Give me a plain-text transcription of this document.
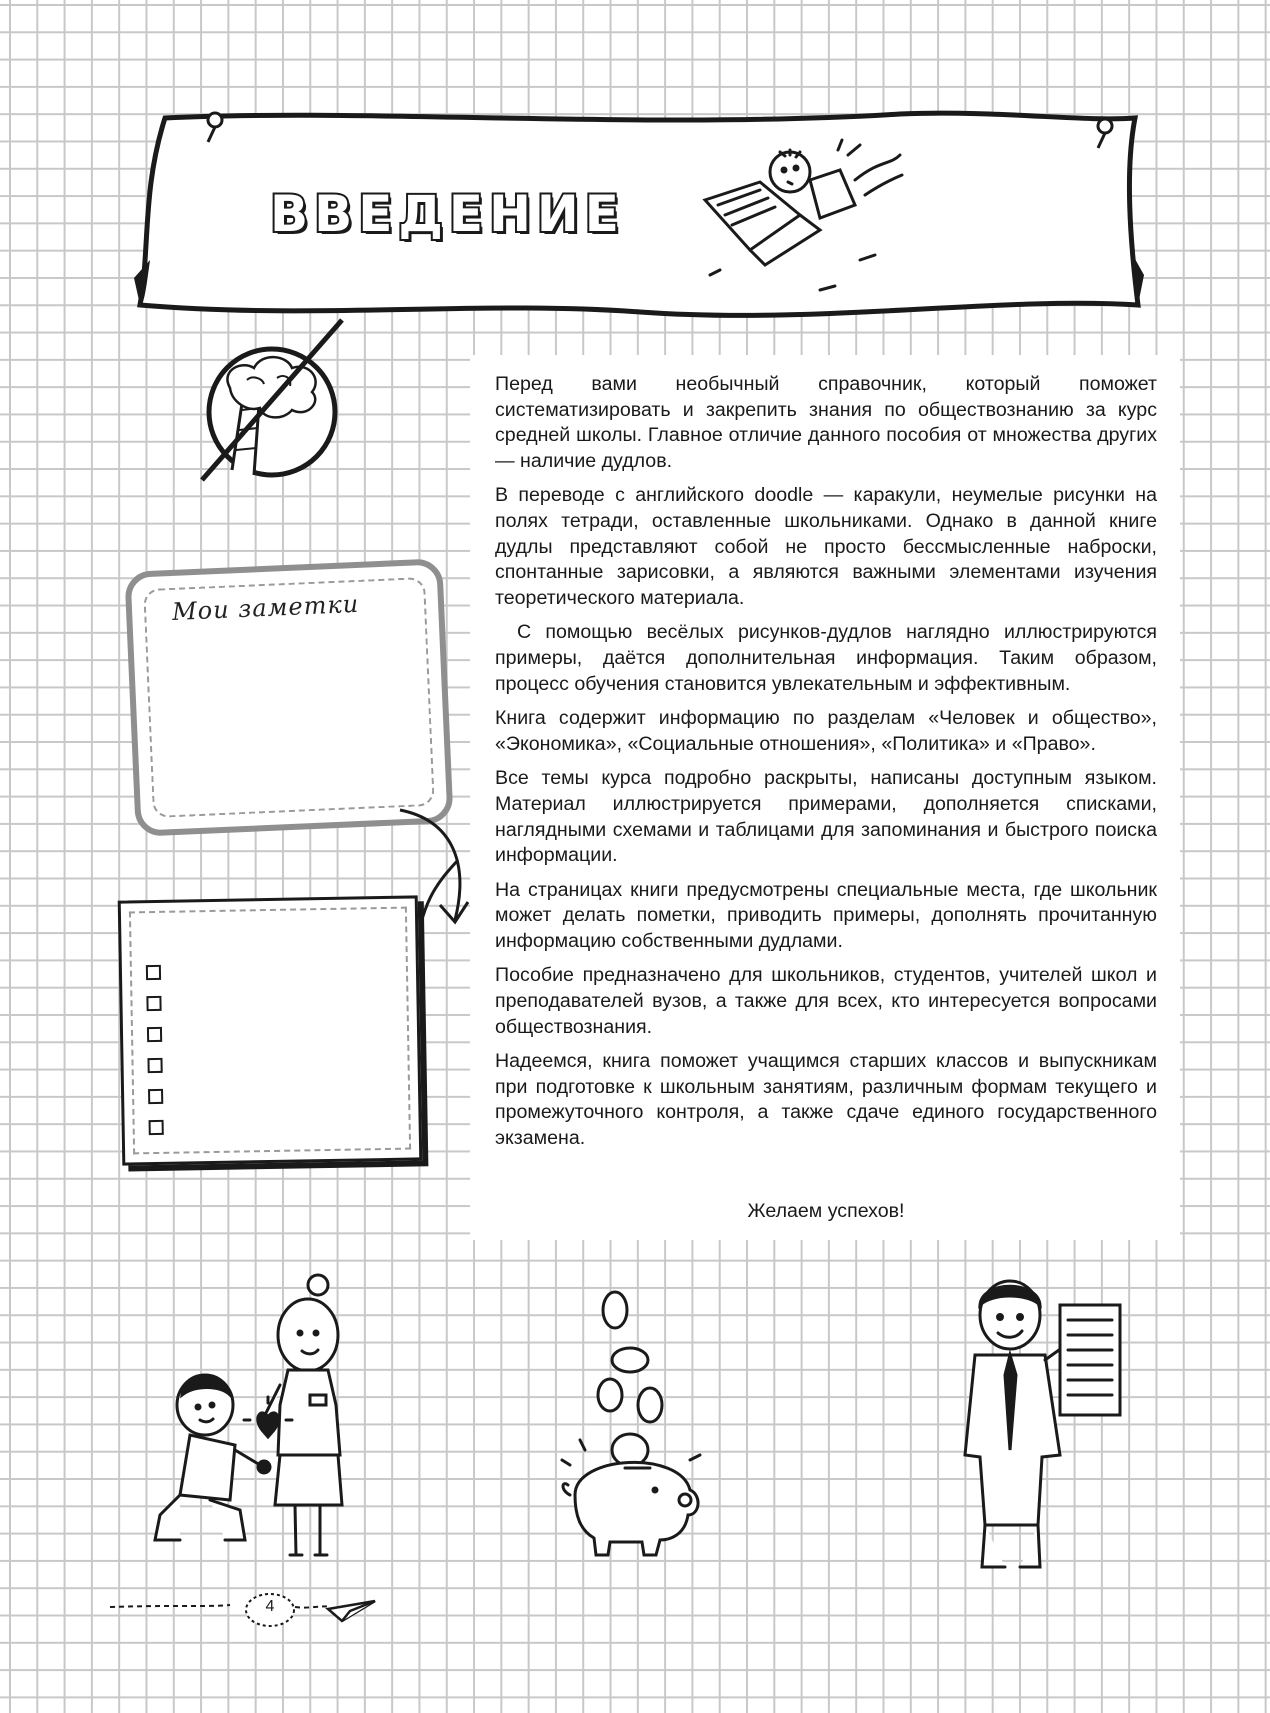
ВВЕДЕНИЕ
Мои заметки

Перед вами необычный справочник, который поможет систематизировать и закрепить знания по обществознанию за курс средней школы. Главное отличие данного пособия от множества других — наличие дудлов.

В переводе с английского doodle — каракули, неумелые рисунки на полях тетради, оставленные школьниками. Однако в данной книге дудлы представляют собой не просто бессмысленные наброски, спонтанные зарисовки, а являются важными элементами изучения теоретического материала.

С помощью весёлых рисунков-дудлов наглядно иллюстрируются примеры, даётся дополнительная информация. Таким образом, процесс обучения становится увлекательным и эффективным.

Книга содержит информацию по разделам «Человек и общество», «Экономика», «Социальные отношения», «Политика» и «Право».

Все темы курса подробно раскрыты, написаны доступным языком. Материал иллюстрируется примерами, дополняется списками, наглядными схемами и таблицами для запоминания и быстрого поиска информации.

На страницах книги предусмотрены специальные места, где школьник может делать пометки, приводить примеры, дополнять прочитанную информацию собственными дудлами.

Пособие предназначено для школьников, студентов, учителей школ и преподавателей вузов, а также для всех, кто интересуется вопросами обществознания.

Надеемся, книга поможет учащимся старших классов и выпускникам при подготовке к школьным занятиям, различным формам текущего и промежуточного контроля, а также сдаче единого государственного экзамена.

Желаем успехов!
4
